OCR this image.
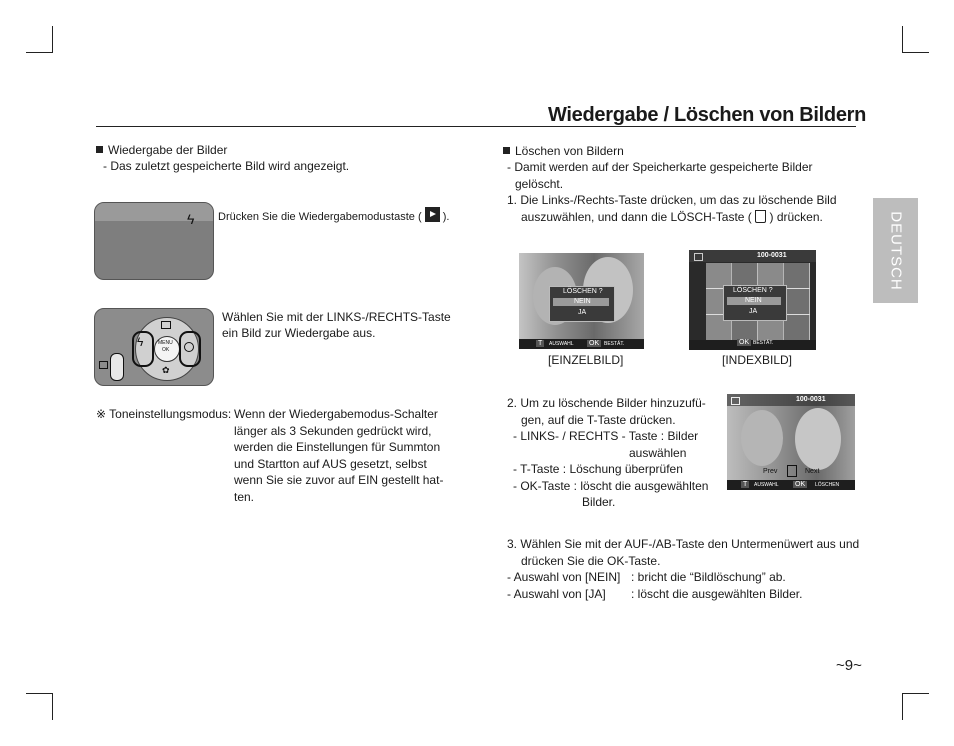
Wiedergabe / Löschen von Bildern
DEUTSCH
Wiedergabe der Bilder
- Das zuletzt gespeicherte Bild wird angezeigt.
ϟ Drücken Sie die Wiedergabemodustaste ( ).
MENU
OK
ϟ
✿
Wählen Sie mit der LINKS-/RECHTS-Taste
ein Bild zur Wiedergabe aus.
※ Toneinstellungsmodus: Wenn der Wiedergabemodus-Schalter
länger als 3 Sekunden gedrückt wird,
werden die Einstellungen für Summton
und Startton auf AUS gesetzt, selbst
wenn Sie sie zuvor auf EIN gestellt hat-
ten.
Löschen von Bildern
- Damit werden auf der Speicherkarte gespeicherte Bilder
gelöscht.
1. Die Links-/Rechts-Taste drücken, um das zu löschende Bild
auszuwählen, und dann die LÖSCH-Taste ( ) drücken.
LÖSCHEN ?
NEIN
JA
T	AUSWAHL OK BESTÄT.
[EINZELBILD]
100-0031
LÖSCHEN ?
NEIN
JA
OK BESTÄT.
[INDEXBILD]
2. Um zu löschende Bilder hinzuzufü-
gen, auf die T-Taste drücken.
- LINKS- / RECHTS - Taste : Bilder
auswählen
- T-Taste : Löschung überprüfen
- OK-Taste : löscht die ausgewählten
Bilder.
100-0031
Prev	Next
T	AUSWAHL OK	LÖSCHEN
3. Wählen Sie mit der AUF-/AB-Taste den Untermenüwert aus und
drücken Sie die OK-Taste.
- Auswahl von [NEIN] : bricht die “Bildlöschung” ab.
- Auswahl von [JA] : löscht die ausgewählten Bilder.
~9~
